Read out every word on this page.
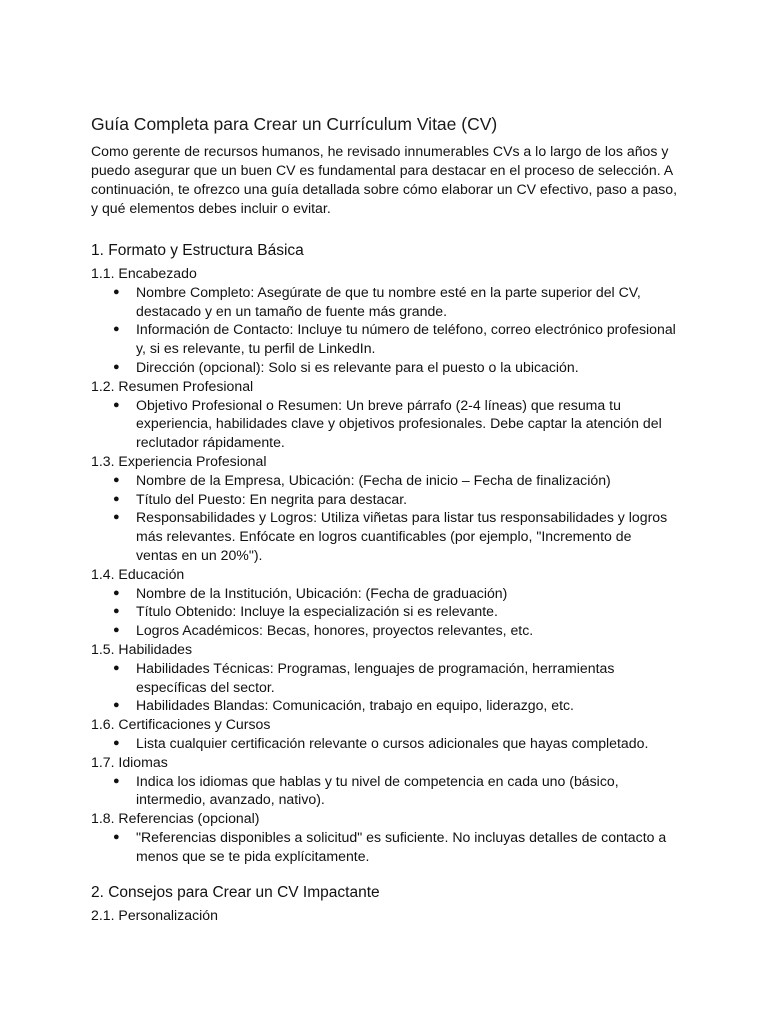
Guía Completa para Crear un Currículum Vitae (CV)

Como gerente de recursos humanos, he revisado innumerables CVs a lo largo de los años y puedo asegurar que un buen CV es fundamental para destacar en el proceso de selección. A continuación, te ofrezco una guía detallada sobre cómo elaborar un CV efectivo, paso a paso, y qué elementos debes incluir o evitar.

1. Formato y Estructura Básica
1.1. Encabezado
● Nombre Completo: Asegúrate de que tu nombre esté en la parte superior del CV, destacado y en un tamaño de fuente más grande.
● Información de Contacto: Incluye tu número de teléfono, correo electrónico profesional y, si es relevante, tu perfil de LinkedIn.
● Dirección (opcional): Solo si es relevante para el puesto o la ubicación.
1.2. Resumen Profesional
● Objetivo Profesional o Resumen: Un breve párrafo (2-4 líneas) que resuma tu experiencia, habilidades clave y objetivos profesionales. Debe captar la atención del reclutador rápidamente.
1.3. Experiencia Profesional
● Nombre de la Empresa, Ubicación: (Fecha de inicio – Fecha de finalización)
● Título del Puesto: En negrita para destacar.
● Responsabilidades y Logros: Utiliza viñetas para listar tus responsabilidades y logros más relevantes. Enfócate en logros cuantificables (por ejemplo, "Incremento de ventas en un 20%").
1.4. Educación
● Nombre de la Institución, Ubicación: (Fecha de graduación)
● Título Obtenido: Incluye la especialización si es relevante.
● Logros Académicos: Becas, honores, proyectos relevantes, etc.
1.5. Habilidades
● Habilidades Técnicas: Programas, lenguajes de programación, herramientas específicas del sector.
● Habilidades Blandas: Comunicación, trabajo en equipo, liderazgo, etc.
1.6. Certificaciones y Cursos
● Lista cualquier certificación relevante o cursos adicionales que hayas completado.
1.7. Idiomas
● Indica los idiomas que hablas y tu nivel de competencia en cada uno (básico, intermedio, avanzado, nativo).
1.8. Referencias (opcional)
● "Referencias disponibles a solicitud" es suficiente. No incluyas detalles de contacto a menos que se te pida explícitamente.
2. Consejos para Crear un CV Impactante
2.1. Personalización
